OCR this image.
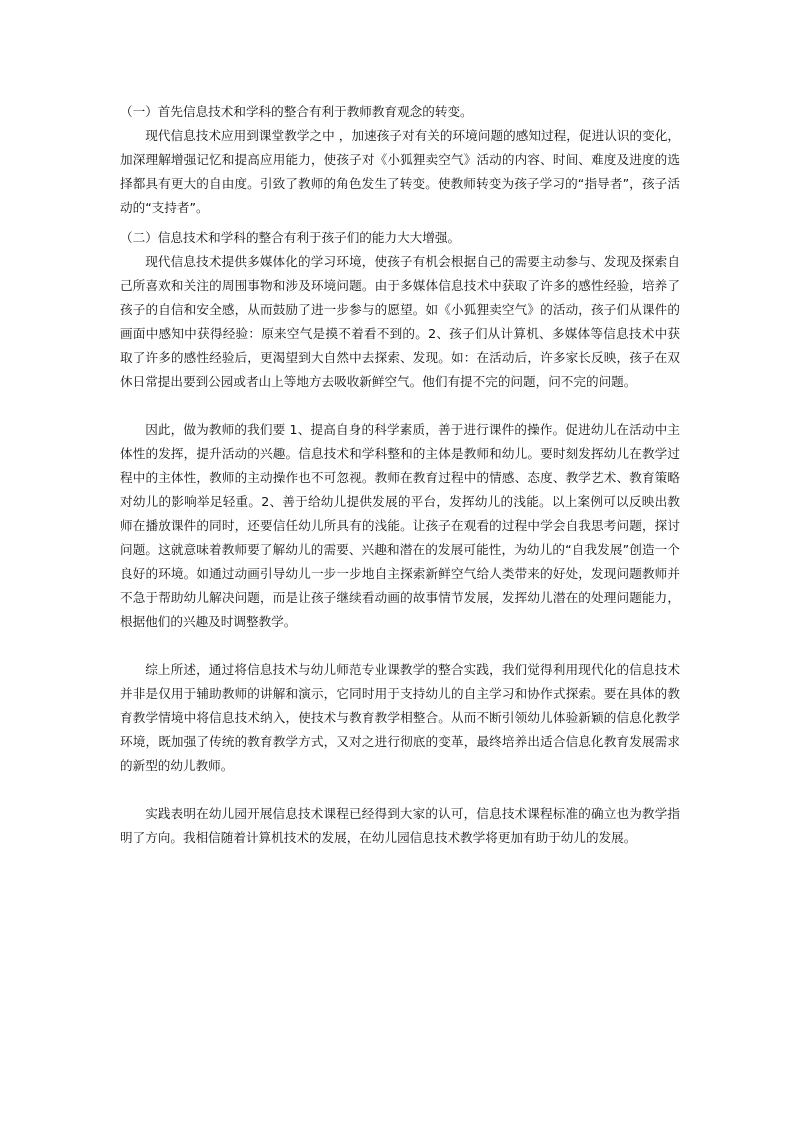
（一）首先信息技术和学科的整合有利于教师教育观念的转变。

现代信息技术应用到课堂教学之中 ，加速孩子对有关的环境问题的感知过程，促进认识的变化，加深理解增强记忆和提高应用能力，使孩子对《小狐狸卖空气》活动的内容、时间、难度及进度的选择都具有更大的自由度。引致了教师的角色发生了转变。使教师转变为孩子学习的“指导者”，孩子活动的“支持者”。

（二）信息技术和学科的整合有利于孩子们的能力大大增强。

现代信息技术提供多媒体化的学习环境，使孩子有机会根据自己的需要主动参与、发现及探索自己所喜欢和关注的周围事物和涉及环境问题。由于多媒体信息技术中获取了许多的感性经验，培养了孩子的自信和安全感，从而鼓励了进一步参与的愿望。如《小狐狸卖空气》的活动，孩子们从课件的画面中感知中获得经验：原来空气是摸不着看不到的。2、孩子们从计算机、多媒体等信息技术中获取了许多的感性经验后，更渴望到大自然中去探索、发现。如：在活动后，许多家长反映，孩子在双休日常提出要到公园或者山上等地方去吸收新鲜空气。他们有提不完的问题，问不完的问题。

因此，做为教师的我们要 1、提高自身的科学素质，善于进行课件的操作。促进幼儿在活动中主体性的发挥，提升活动的兴趣。信息技术和学科整和的主体是教师和幼儿。要时刻发挥幼儿在教学过程中的主体性，教师的主动操作也不可忽视。教师在教育过程中的情感、态度、教学艺术、教育策略对幼儿的影响举足轻重。2、善于给幼儿提供发展的平台，发挥幼儿的浅能。以上案例可以反映出教师在播放课件的同时，还要信任幼儿所具有的浅能。让孩子在观看的过程中学会自我思考问题，探讨问题。这就意味着教师要了解幼儿的需要、兴趣和潜在的发展可能性，为幼儿的“自我发展”创造一个良好的环境。如通过动画引导幼儿一步一步地自主探索新鲜空气给人类带来的好处，发现问题教师并不急于帮助幼儿解决问题，而是让孩子继续看动画的故事情节发展，发挥幼儿潜在的处理问题能力，根据他们的兴趣及时调整教学。

综上所述，通过将信息技术与幼儿师范专业课教学的整合实践，我们觉得利用现代化的信息技术并非是仅用于辅助教师的讲解和演示，它同时用于支持幼儿的自主学习和协作式探索。要在具体的教育教学情境中将信息技术纳入，使技术与教育教学相整合。从而不断引领幼儿体验新颖的信息化教学环境，既加强了传统的教育教学方式，又对之进行彻底的变革，最终培养出适合信息化教育发展需求的新型的幼儿教师。

实践表明在幼儿园开展信息技术课程已经得到大家的认可，信息技术课程标准的确立也为教学指明了方向。我相信随着计算机技术的发展，在幼儿园信息技术教学将更加有助于幼儿的发展。
